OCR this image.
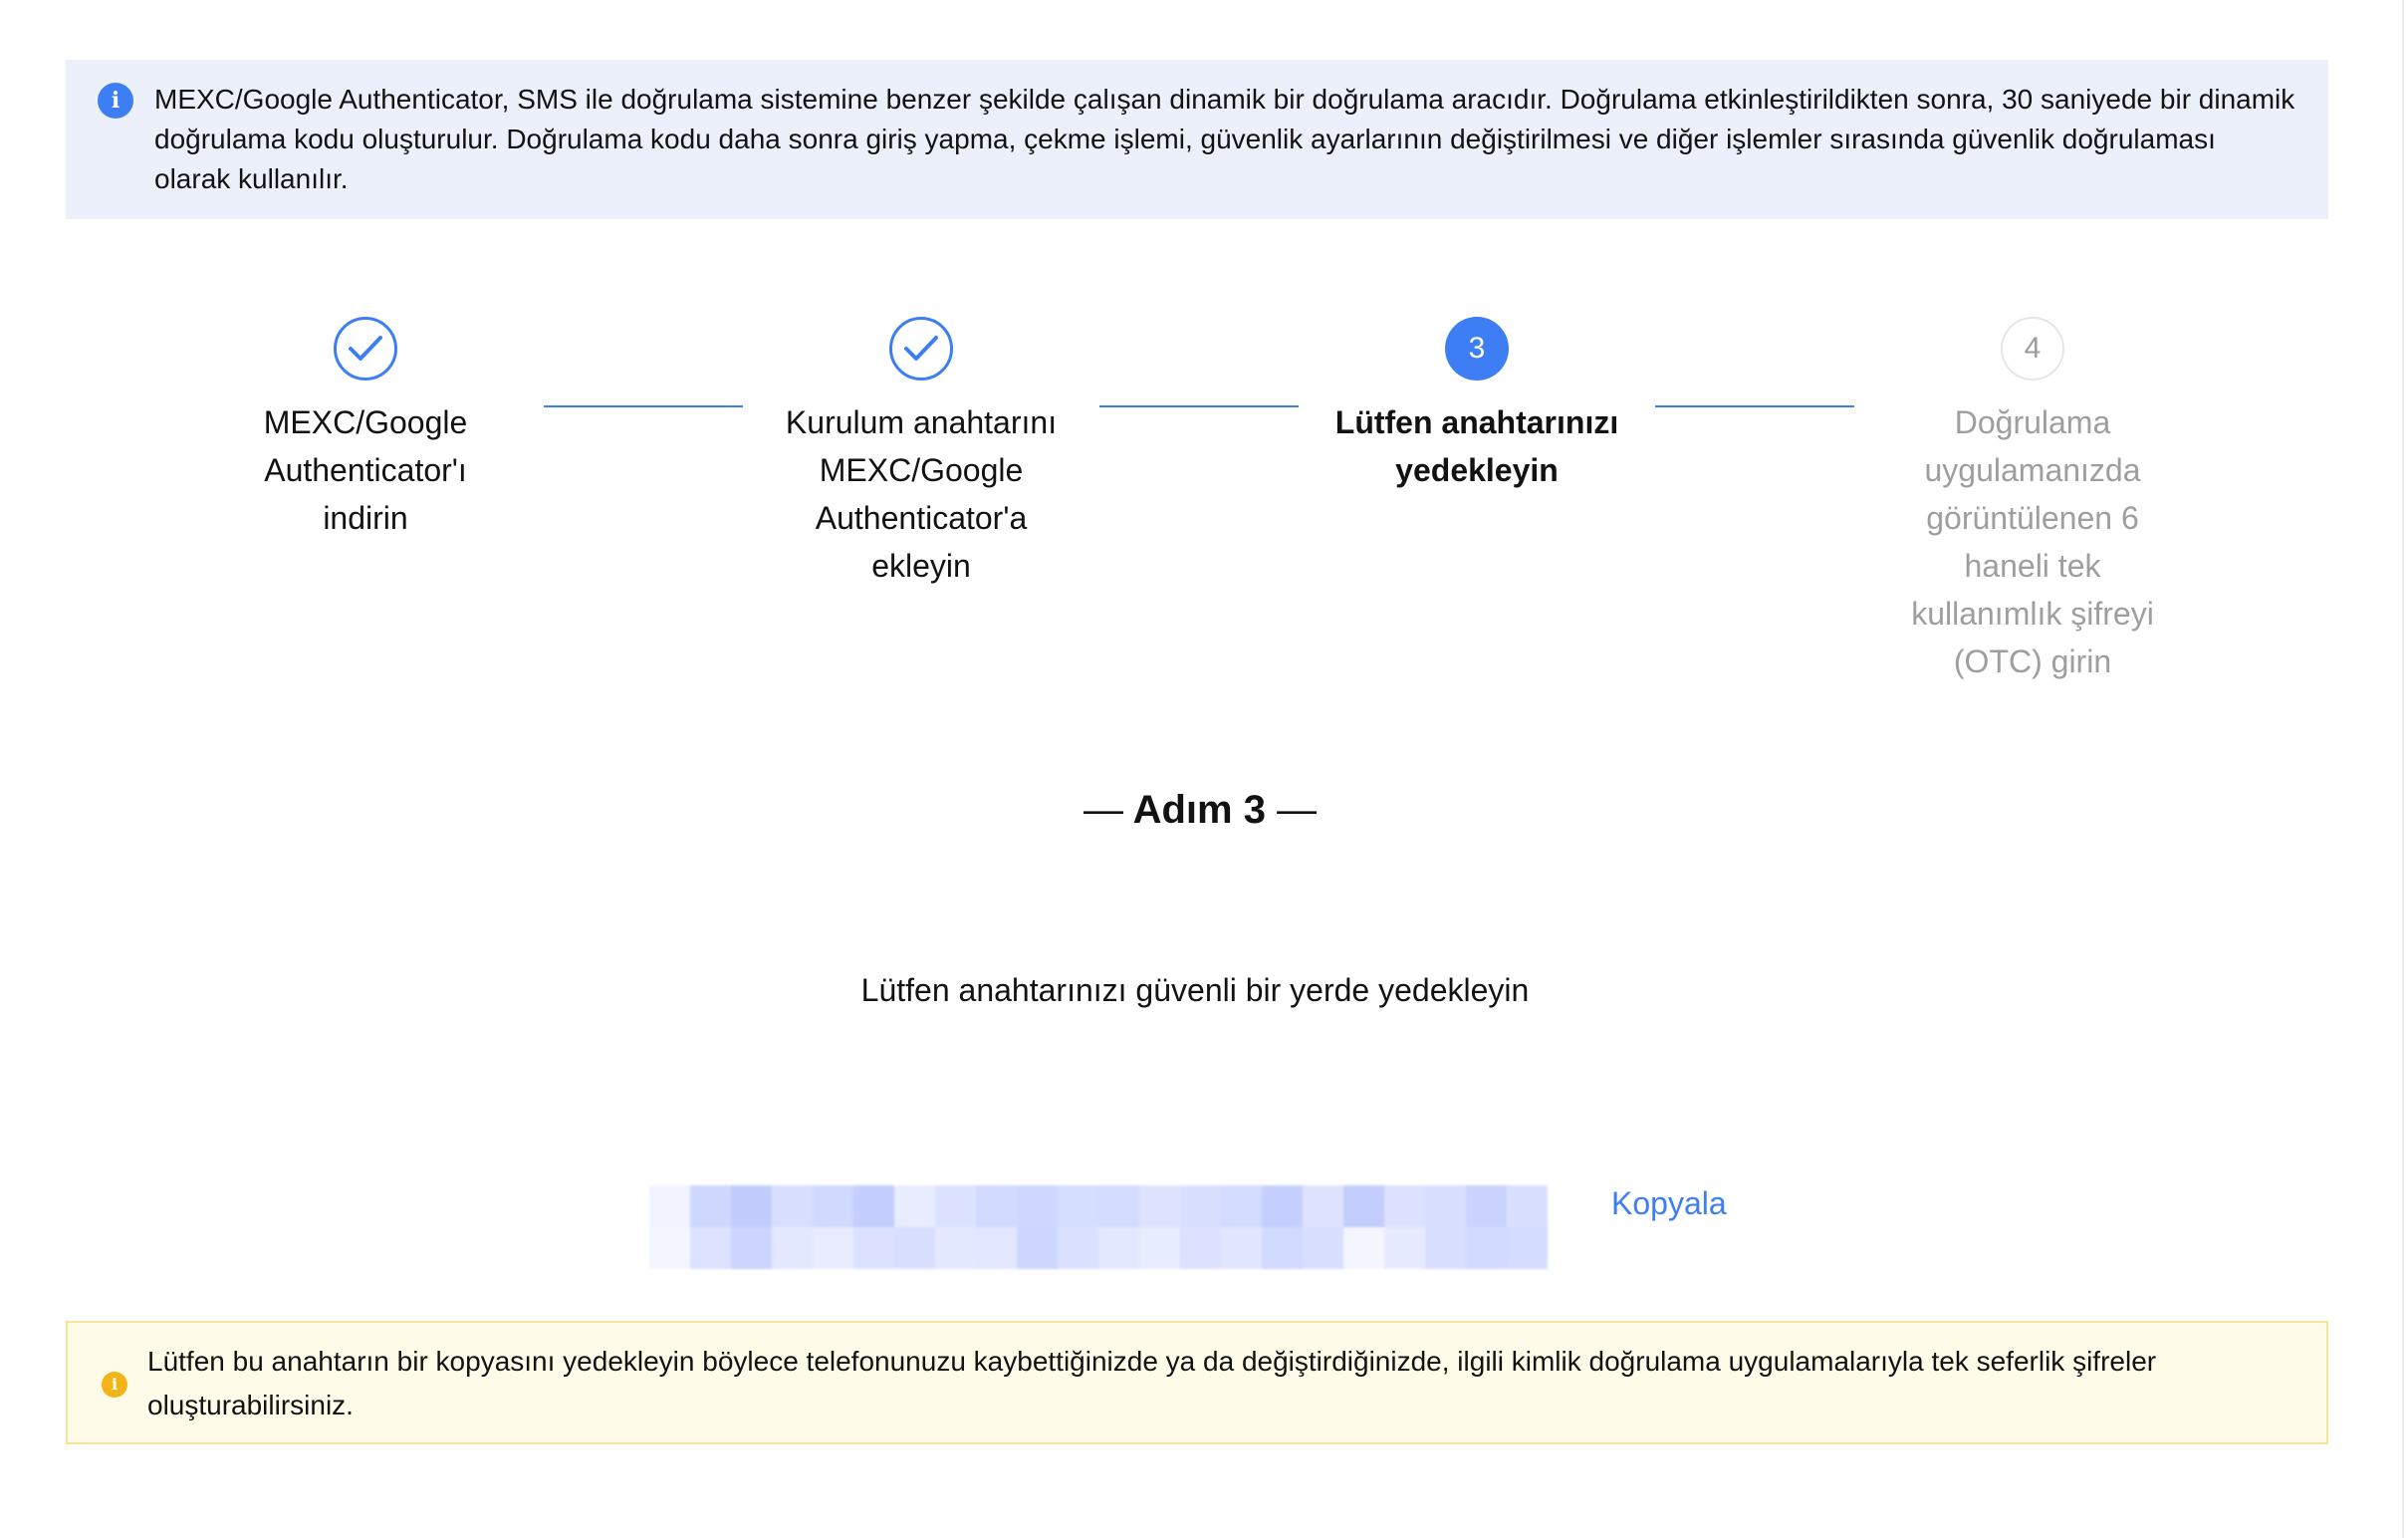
i	MEXC/Google Authenticator, SMS ile doğrulama sistemine benzer şekilde çalışan dinamik bir doğrulama aracıdır. Doğrulama etkinleştirildikten sonra, 30 saniyede bir dinamik doğrulama kodu oluşturulur. Doğrulama kodu daha sonra giriş yapma, çekme işlemi, güvenlik ayarlarının değiştirilmesi ve diğer işlemler sırasında güvenlik doğrulaması olarak kullanılır.
MEXC/Google Authenticator'ı indirin
Kurulum anahtarını MEXC/Google Authenticator'a ekleyin
3
Lütfen anahtarınızı yedekleyin
4
Doğrulama uygulamanızda görüntülenen 6 haneli tek kullanımlık şifreyi (OTC) girin
— Adım 3 —
Lütfen anahtarınızı güvenli bir yerde yedekleyin
Kopyala
i
Lütfen bu anahtarın bir kopyasını yedekleyin böylece telefonunuzu kaybettiğinizde ya da değiştirdiğinizde, ilgili kimlik doğrulama uygulamalarıyla tek seferlik şifreler oluşturabilirsiniz.
